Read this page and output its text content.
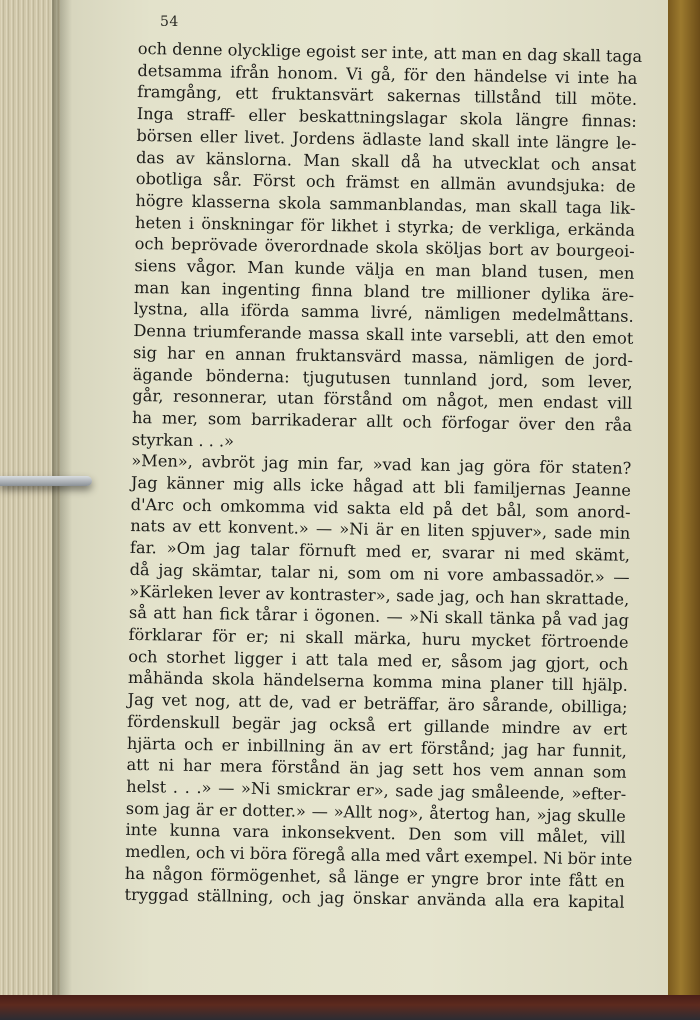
54
och denne olycklige egoist ser inte, att man en dag skall taga
detsamma ifrån honom. Vi gå, för den händelse vi inte ha
framgång, ett fruktansvärt sakernas tillstånd till möte.
Inga straff- eller beskattningslagar skola längre finnas:
börsen eller livet. Jordens ädlaste land skall inte längre le-
das av känslorna. Man skall då ha utvecklat och ansat
obotliga sår. Först och främst en allmän avundsjuka: de
högre klasserna skola sammanblandas, man skall taga lik-
heten i önskningar för likhet i styrka; de verkliga, erkända
och beprövade överordnade skola sköljas bort av bourgeoi-
siens vågor. Man kunde välja en man bland tusen, men
man kan ingenting finna bland tre millioner dylika äre-
lystna, alla iförda samma livré, nämligen medelmåttans.
Denna triumferande massa skall inte varsebli, att den emot
sig har en annan fruktansvärd massa, nämligen de jord-
ägande bönderna: tjugutusen tunnland jord, som lever,
går, resonnerar, utan förstånd om något, men endast vill
ha mer, som barrikaderar allt och förfogar över den råa
styrkan . . .»
»Men», avbröt jag min far, »vad kan jag göra för staten?
Jag känner mig alls icke hågad att bli familjernas Jeanne
d'Arc och omkomma vid sakta eld på det bål, som anord-
nats av ett konvent.» — »Ni är en liten spjuver», sade min
far. »Om jag talar förnuft med er, svarar ni med skämt,
då jag skämtar, talar ni, som om ni vore ambassadör.» —
»Kärleken lever av kontraster», sade jag, och han skrattade,
så att han fick tårar i ögonen. — »Ni skall tänka på vad jag
förklarar för er; ni skall märka, huru mycket förtroende
och storhet ligger i att tala med er, såsom jag gjort, och
måhända skola händelserna komma mina planer till hjälp.
Jag vet nog, att de, vad er beträffar, äro sårande, obilliga;
fördenskull begär jag också ert gillande mindre av ert
hjärta och er inbillning än av ert förstånd; jag har funnit,
att ni har mera förstånd än jag sett hos vem annan som
helst . . .» — »Ni smickrar er», sade jag småleende, »efter-
som jag är er dotter.» — »Allt nog», återtog han, »jag skulle
inte kunna vara inkonsekvent. Den som vill målet, vill
medlen, och vi böra föregå alla med vårt exempel. Ni bör inte
ha någon förmögenhet, så länge er yngre bror inte fått en
tryggad ställning, och jag önskar använda alla era kapital
